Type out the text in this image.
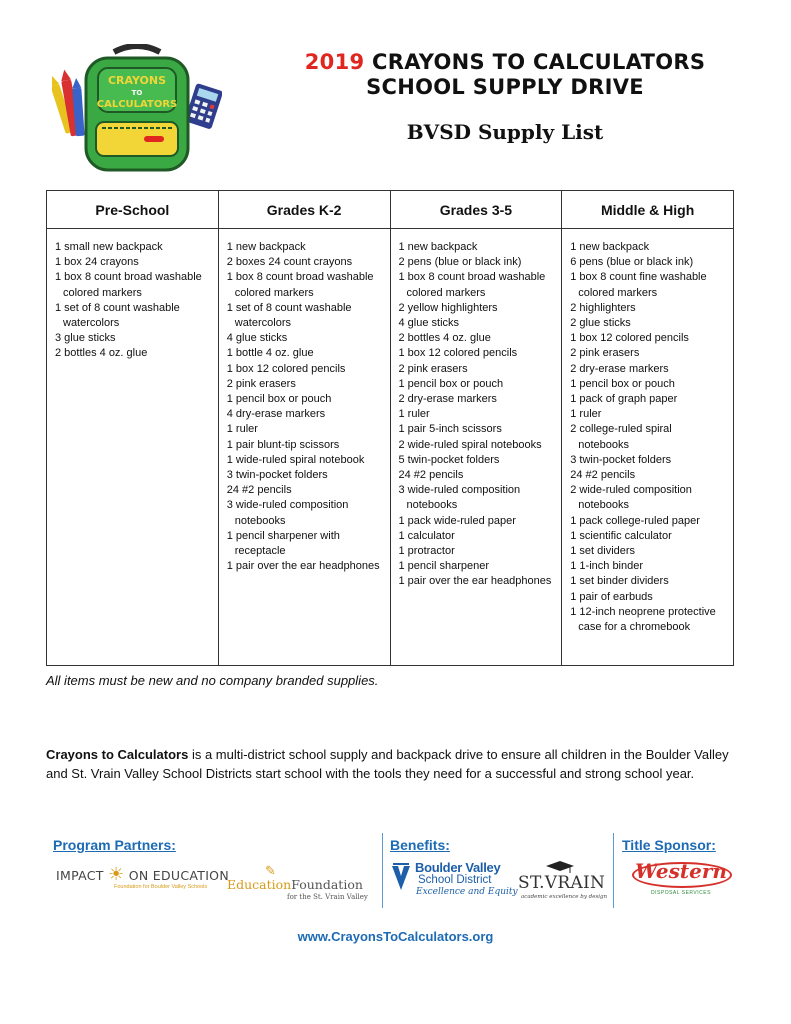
CRAYONS
TO
CALCULATORS
2019 CRAYONS TO CALCULATORS
SCHOOL SUPPLY DRIVE
BVSD Supply List
Pre-School
1 small new backpack
1 box 24 crayons
1 box 8 count broad washable colored markers
1 set of 8 count washable watercolors
3 glue sticks
2 bottles 4 oz. glue
Grades K-2
1 new backpack
2 boxes 24 count crayons
1 box 8 count broad washable colored markers
1 set of 8 count washable watercolors
4 glue sticks
1 bottle 4 oz. glue
1 box 12 colored pencils
2 pink erasers
1 pencil box or pouch
4 dry-erase markers
1 ruler
1 pair blunt-tip scissors
1 wide-ruled spiral notebook
3 twin-pocket folders
24 #2 pencils
3 wide-ruled composition notebooks
1 pencil sharpener with receptacle
1 pair over the ear headphones
Grades 3-5
1 new backpack
2 pens (blue or black ink)
1 box 8 count broad washable colored markers
2 yellow highlighters
4 glue sticks
2 bottles 4 oz. glue
1 box 12 colored pencils
2 pink erasers
1 pencil box or pouch
2 dry-erase markers
1 ruler
1 pair 5-inch scissors
2 wide-ruled spiral notebooks
5 twin-pocket folders
24 #2 pencils
3 wide-ruled composition notebooks
1 pack wide-ruled paper
1 calculator
1 protractor
1 pencil sharpener
1 pair over the ear headphones
Middle & High
1 new backpack
6 pens (blue or black ink)
1 box 8 count fine washable colored markers
2 highlighters
2 glue sticks
1 box 12 colored pencils
2 pink erasers
2 dry-erase markers
1 pencil box or pouch
1 pack of graph paper
1 ruler
2 college-ruled spiral notebooks
3 twin-pocket folders
24 #2 pencils
2 wide-ruled composition notebooks
1 pack college-ruled paper
1 scientific calculator
1 set dividers
1 1-inch binder
1 set binder dividers
1 pair of earbuds
1 12-inch neoprene protective case for a chromebook
All items must be new and no company branded supplies.
Crayons to Calculators is a multi-district school supply and backpack drive to ensure all children in the Boulder Valley and St. Vrain Valley School Districts start school with the tools they need for a successful and strong school year.
Program Partners:	Benefits:	Title Sponsor:
IMPACT ☀ ON EDUCATION
Foundation for Boulder Valley Schools
✎
EducationFoundation
for the St. Vrain Valley
Boulder Valley
School District
Excellence and Equity ST.VRAIN
academic excellence by design
Western
DISPOSAL SERVICES
www.CrayonsToCalculators.org
